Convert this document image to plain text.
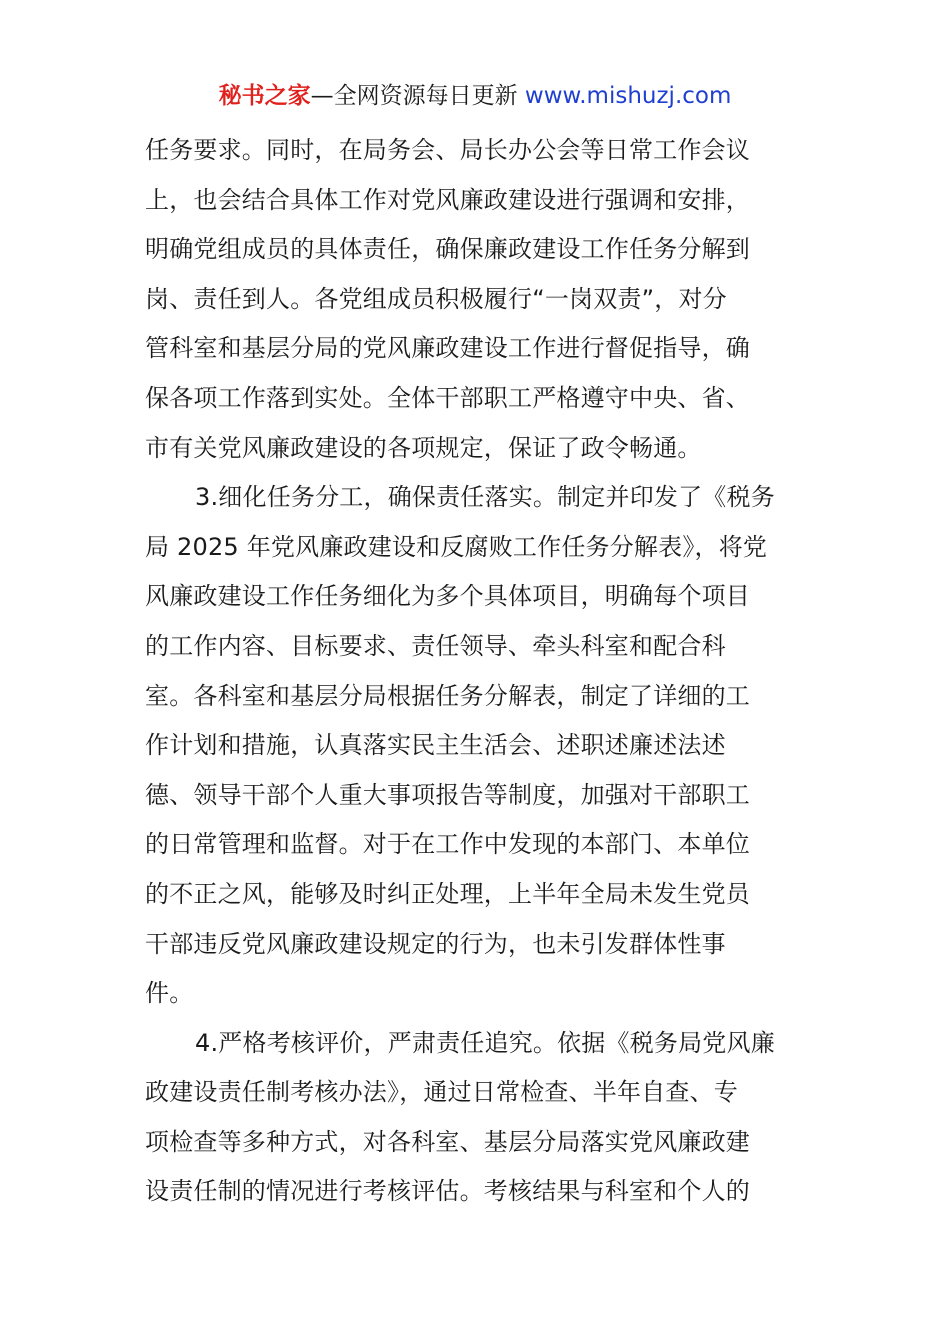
秘书之家—全网资源每日更新 www.mishuzj.com
任务要求。同时，在局务会、局长办公会等日常工作会议
上，也会结合具体工作对党风廉政建设进行强调和安排，
明确党组成员的具体责任，确保廉政建设工作任务分解到
岗、责任到人。各党组成员积极履行“一岗双责”，对分
管科室和基层分局的党风廉政建设工作进行督促指导，确
保各项工作落到实处。全体干部职工严格遵守中央、省、
市有关党风廉政建设的各项规定，保证了政令畅通。
3.细化任务分工，确保责任落实。制定并印发了《税务
局 2025 年党风廉政建设和反腐败工作任务分解表》，将党
风廉政建设工作任务细化为多个具体项目，明确每个项目
的工作内容、目标要求、责任领导、牵头科室和配合科
室。各科室和基层分局根据任务分解表，制定了详细的工
作计划和措施，认真落实民主生活会、述职述廉述法述
德、领导干部个人重大事项报告等制度，加强对干部职工
的日常管理和监督。对于在工作中发现的本部门、本单位
的不正之风，能够及时纠正处理，上半年全局未发生党员
干部违反党风廉政建设规定的行为，也未引发群体性事
件。
4.严格考核评价，严肃责任追究。依据《税务局党风廉
政建设责任制考核办法》，通过日常检查、半年自查、专
项检查等多种方式，对各科室、基层分局落实党风廉政建
设责任制的情况进行考核评估。考核结果与科室和个人的
